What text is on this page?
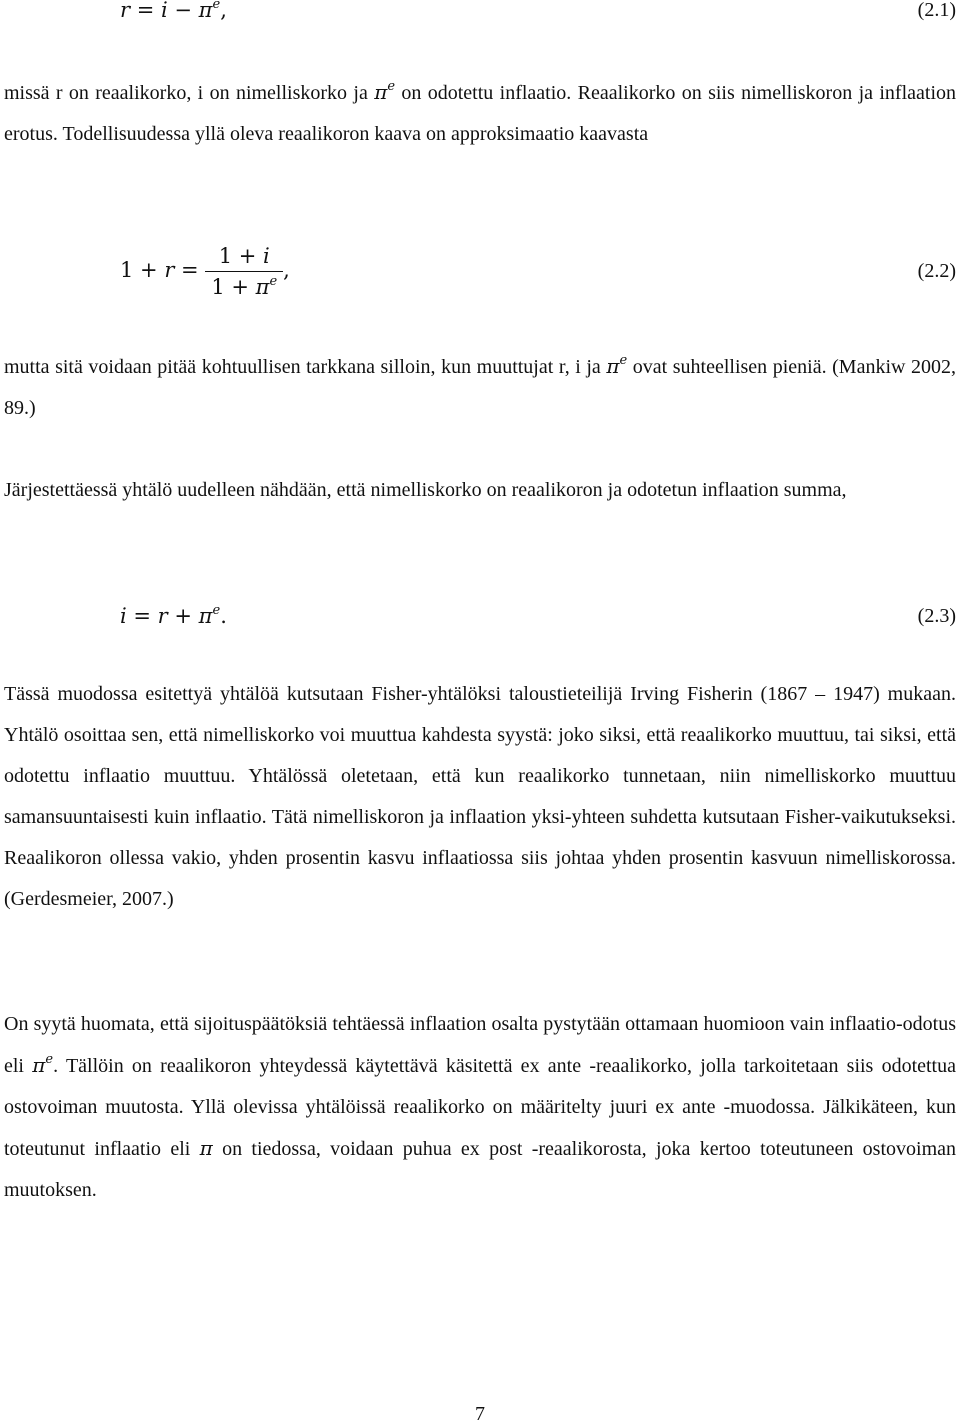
$r = i - \pi^e$,	(2.1)
missä r on reaalikorko, i on nimelliskorko ja $\pi^e$ on odotettu inflaatio. Reaalikorko on siis nimelliskoron ja inflaation erotus. Todellisuudessa yllä oleva reaalikoron kaava on approksimaatio kaavasta
$1 + r = \frac{1 + i}{1 + \pi^e}$ ,	(2.2)
mutta sitä voidaan pitää kohtuullisen tarkkana silloin, kun muuttujat r, i ja $\pi^e$ ovat suhteellisen pieniä. (Mankiw 2002, 89.)
Järjestettäessä yhtälö uudelleen nähdään, että nimelliskorko on reaalikoron ja odotetun inflaation summa,
$i = r + \pi^e$.	(2.3)
Tässä muodossa esitettyä yhtälöä kutsutaan Fisher-yhtälöksi taloustieteilijä Irving Fisherin (1867 – 1947) mukaan. Yhtälö osoittaa sen, että nimelliskorko voi muuttua kahdesta syystä: joko siksi, että reaalikorko muuttuu, tai siksi, että odotettu inflaatio muuttuu. Yhtälössä oletetaan, että kun reaalikorko tunnetaan, niin nimelliskorko muuttuu samansuuntaisesti kuin inflaatio. Tätä nimelliskoron ja inflaation yksi-yhteen suhdetta kutsutaan Fisher-vaikutukseksi. Reaalikoron ollessa vakio, yhden prosentin kasvu inflaatiossa siis johtaa yhden prosentin kasvuun nimelliskorossa. (Gerdesmeier, 2007.)
On syytä huomata, että sijoituspäätöksiä tehtäessä inflaation osalta pystytään ottamaan huomioon vain inflaatio-odotus eli $\pi^e$. Tällöin on reaalikoron yhteydessä käytettävä käsitettä ex ante -reaalikorko, jolla tarkoitetaan siis odotettua ostovoiman muutosta. Yllä olevissa yhtälöissä reaalikorko on määritelty juuri ex ante -muodossa. Jälkikäteen, kun toteutunut inflaatio eli π on tiedossa, voidaan puhua ex post -reaalikorosta, joka kertoo toteutuneen ostovoiman muutoksen.
7
